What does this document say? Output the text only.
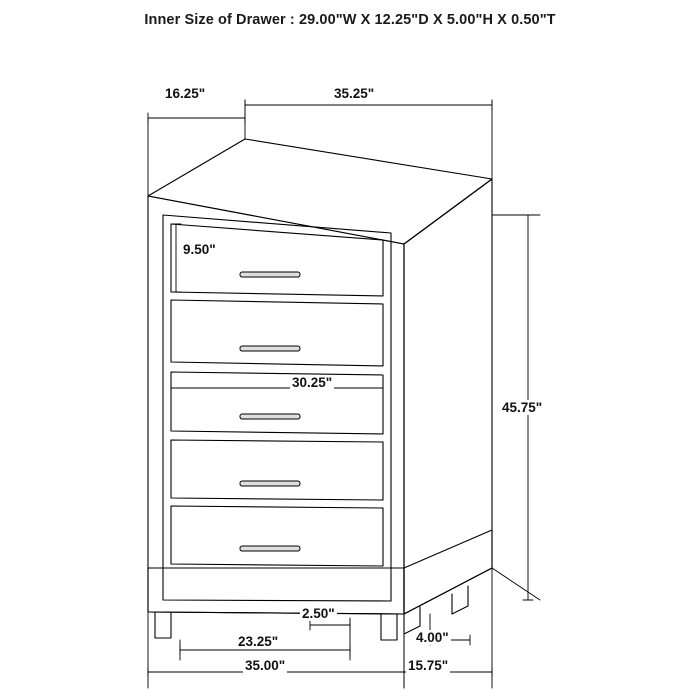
Inner Size of Drawer : 29.00"W X 12.25"D X 5.00"H X 0.50"T
16.25"	35.25"
9.50"
30.25"
45.75"
2.50"
23.25"
35.00"
4.00"
15.75"
